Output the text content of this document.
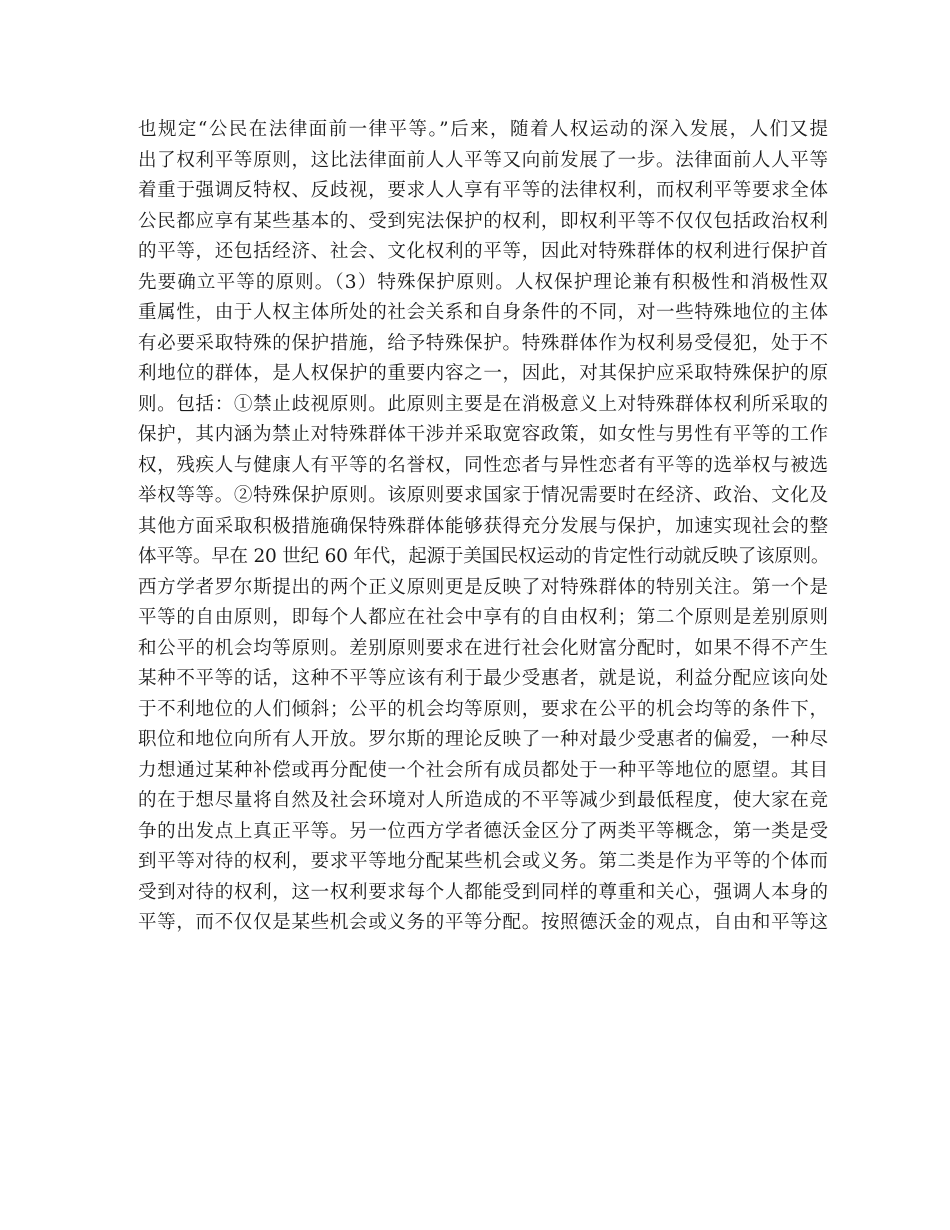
也规定“公民在法律面前一律平等。”后来，随着人权运动的深入发展，人们又提
出了权利平等原则，这比法律面前人人平等又向前发展了一步。法律面前人人平等
着重于强调反特权、反歧视，要求人人享有平等的法律权利，而权利平等要求全体
公民都应享有某些基本的、受到宪法保护的权利，即权利平等不仅仅包括政治权利
的平等，还包括经济、社会、文化权利的平等，因此对特殊群体的权利进行保护首
先要确立平等的原则。（3）特殊保护原则。人权保护理论兼有积极性和消极性双
重属性，由于人权主体所处的社会关系和自身条件的不同，对一些特殊地位的主体
有必要采取特殊的保护措施，给予特殊保护。特殊群体作为权利易受侵犯，处于不
利地位的群体，是人权保护的重要内容之一，因此，对其保护应采取特殊保护的原
则。包括：①禁止歧视原则。此原则主要是在消极意义上对特殊群体权利所采取的
保护，其内涵为禁止对特殊群体干涉并采取宽容政策，如女性与男性有平等的工作
权，残疾人与健康人有平等的名誉权，同性恋者与异性恋者有平等的选举权与被选
举权等等。②特殊保护原则。该原则要求国家于情况需要时在经济、政治、文化及
其他方面采取积极措施确保特殊群体能够获得充分发展与保护，加速实现社会的整
体平等。早在 20 世纪 60 年代，起源于美国民权运动的肯定性行动就反映了该原则。
西方学者罗尔斯提出的两个正义原则更是反映了对特殊群体的特别关注。第一个是
平等的自由原则，即每个人都应在社会中享有的自由权利；第二个原则是差别原则
和公平的机会均等原则。差别原则要求在进行社会化财富分配时，如果不得不产生
某种不平等的话，这种不平等应该有利于最少受惠者，就是说，利益分配应该向处
于不利地位的人们倾斜；公平的机会均等原则，要求在公平的机会均等的条件下，
职位和地位向所有人开放。罗尔斯的理论反映了一种对最少受惠者的偏爱，一种尽
力想通过某种补偿或再分配使一个社会所有成员都处于一种平等地位的愿望。其目
的在于想尽量将自然及社会环境对人所造成的不平等减少到最低程度，使大家在竞
争的出发点上真正平等。另一位西方学者德沃金区分了两类平等概念，第一类是受
到平等对待的权利，要求平等地分配某些机会或义务。第二类是作为平等的个体而
受到对待的权利，这一权利要求每个人都能受到同样的尊重和关心，强调人本身的
平等，而不仅仅是某些机会或义务的平等分配。按照德沃金的观点，自由和平等这
